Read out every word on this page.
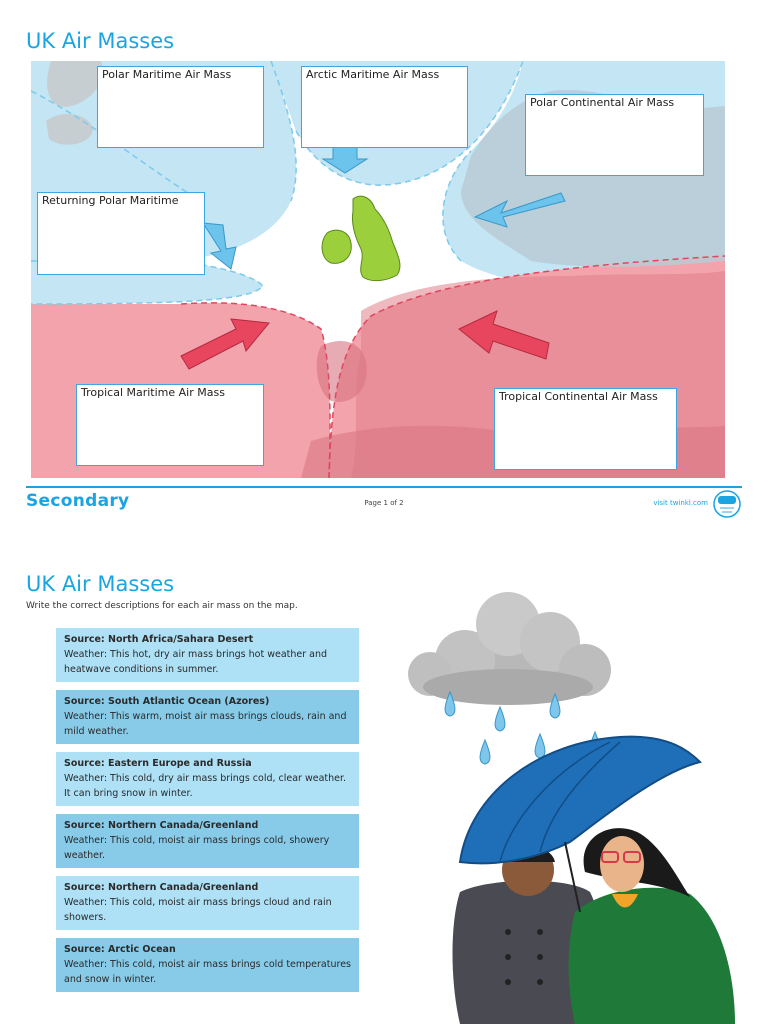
UK Air Masses
Polar Maritime Air Mass	Arctic Maritime Air Mass
Polar Continental Air Mass
Returning Polar Maritime
Tropical Maritime Air Mass	Tropical Continental Air Mass
Secondary	Page 1 of 2	visit twinkl.com
UK Air Masses

Write the correct descriptions for each air mass on the map.

Source: North Africa/Sahara Desert
Weather: This hot, dry air mass brings hot weather and heatwave conditions in summer.
Source: South Atlantic Ocean (Azores)
Weather: This warm, moist air mass brings clouds, rain and mild weather.
Source: Eastern Europe and Russia
Weather: This cold, dry air mass brings cold, clear weather. It can bring snow in winter.
Source: Northern Canada/Greenland
Weather: This cold, moist air mass brings cold, showery weather.
Source: Northern Canada/Greenland
Weather: This cold, moist air mass brings cloud and rain showers.
Source: Arctic Ocean
Weather: This cold, moist air mass brings cold temperatures and snow in winter.
